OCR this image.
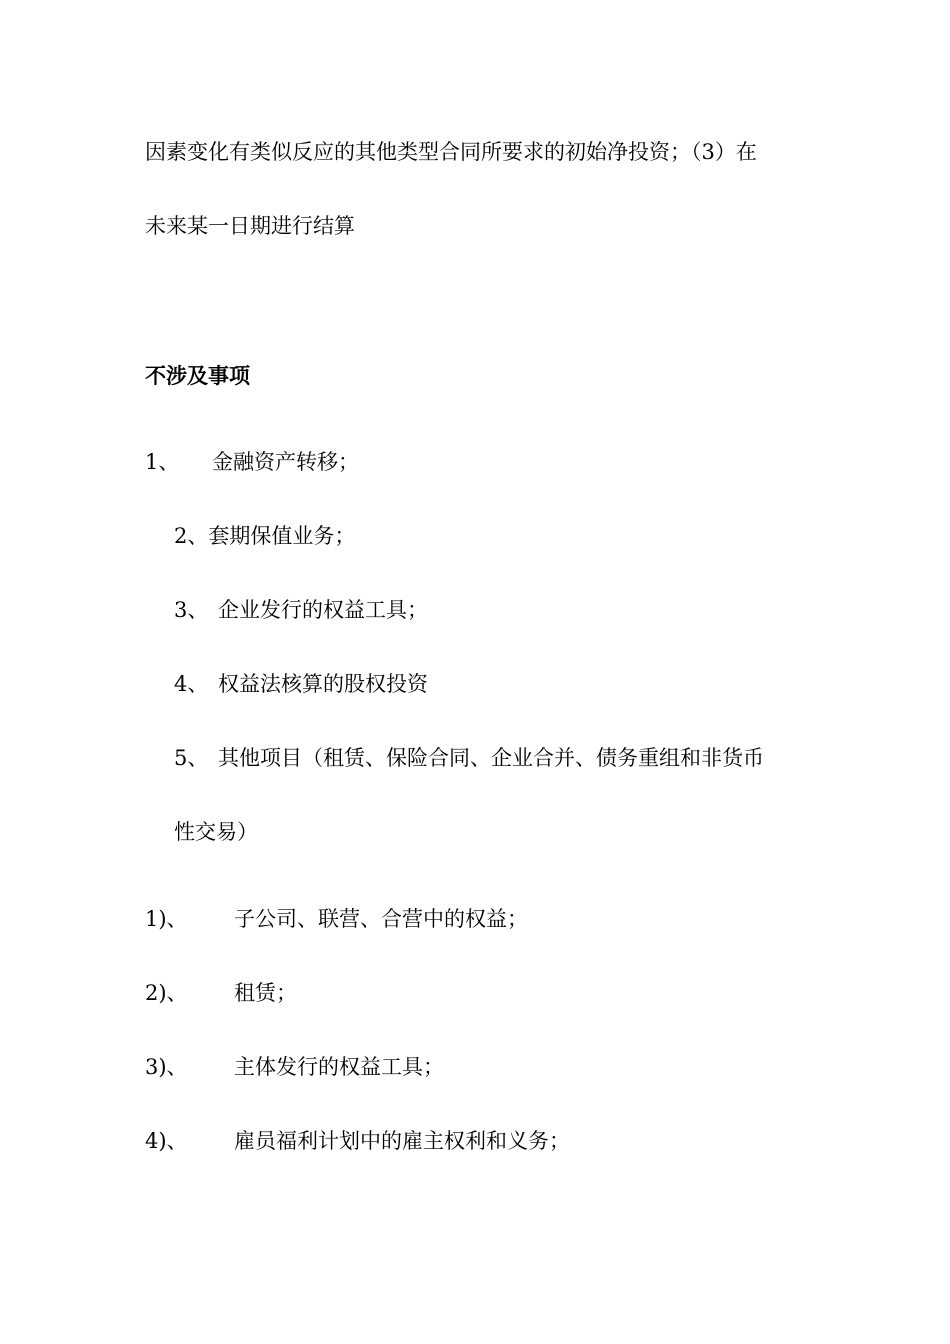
因素变化有类似反应的其他类型合同所要求的初始净投资；（3）在
未来某一日期进行结算
不涉及事项
1、 金融资产转移；
2、套期保值业务；
3、 企业发行的权益工具；
4、 权益法核算的股权投资
5、 其他项目（租赁、保险合同、企业合并、债务重组和非货币
性交易）
1)、 子公司、联营、合营中的权益；
2)、 租赁；
3)、 主体发行的权益工具；
4)、 雇员福利计划中的雇主权利和义务；
